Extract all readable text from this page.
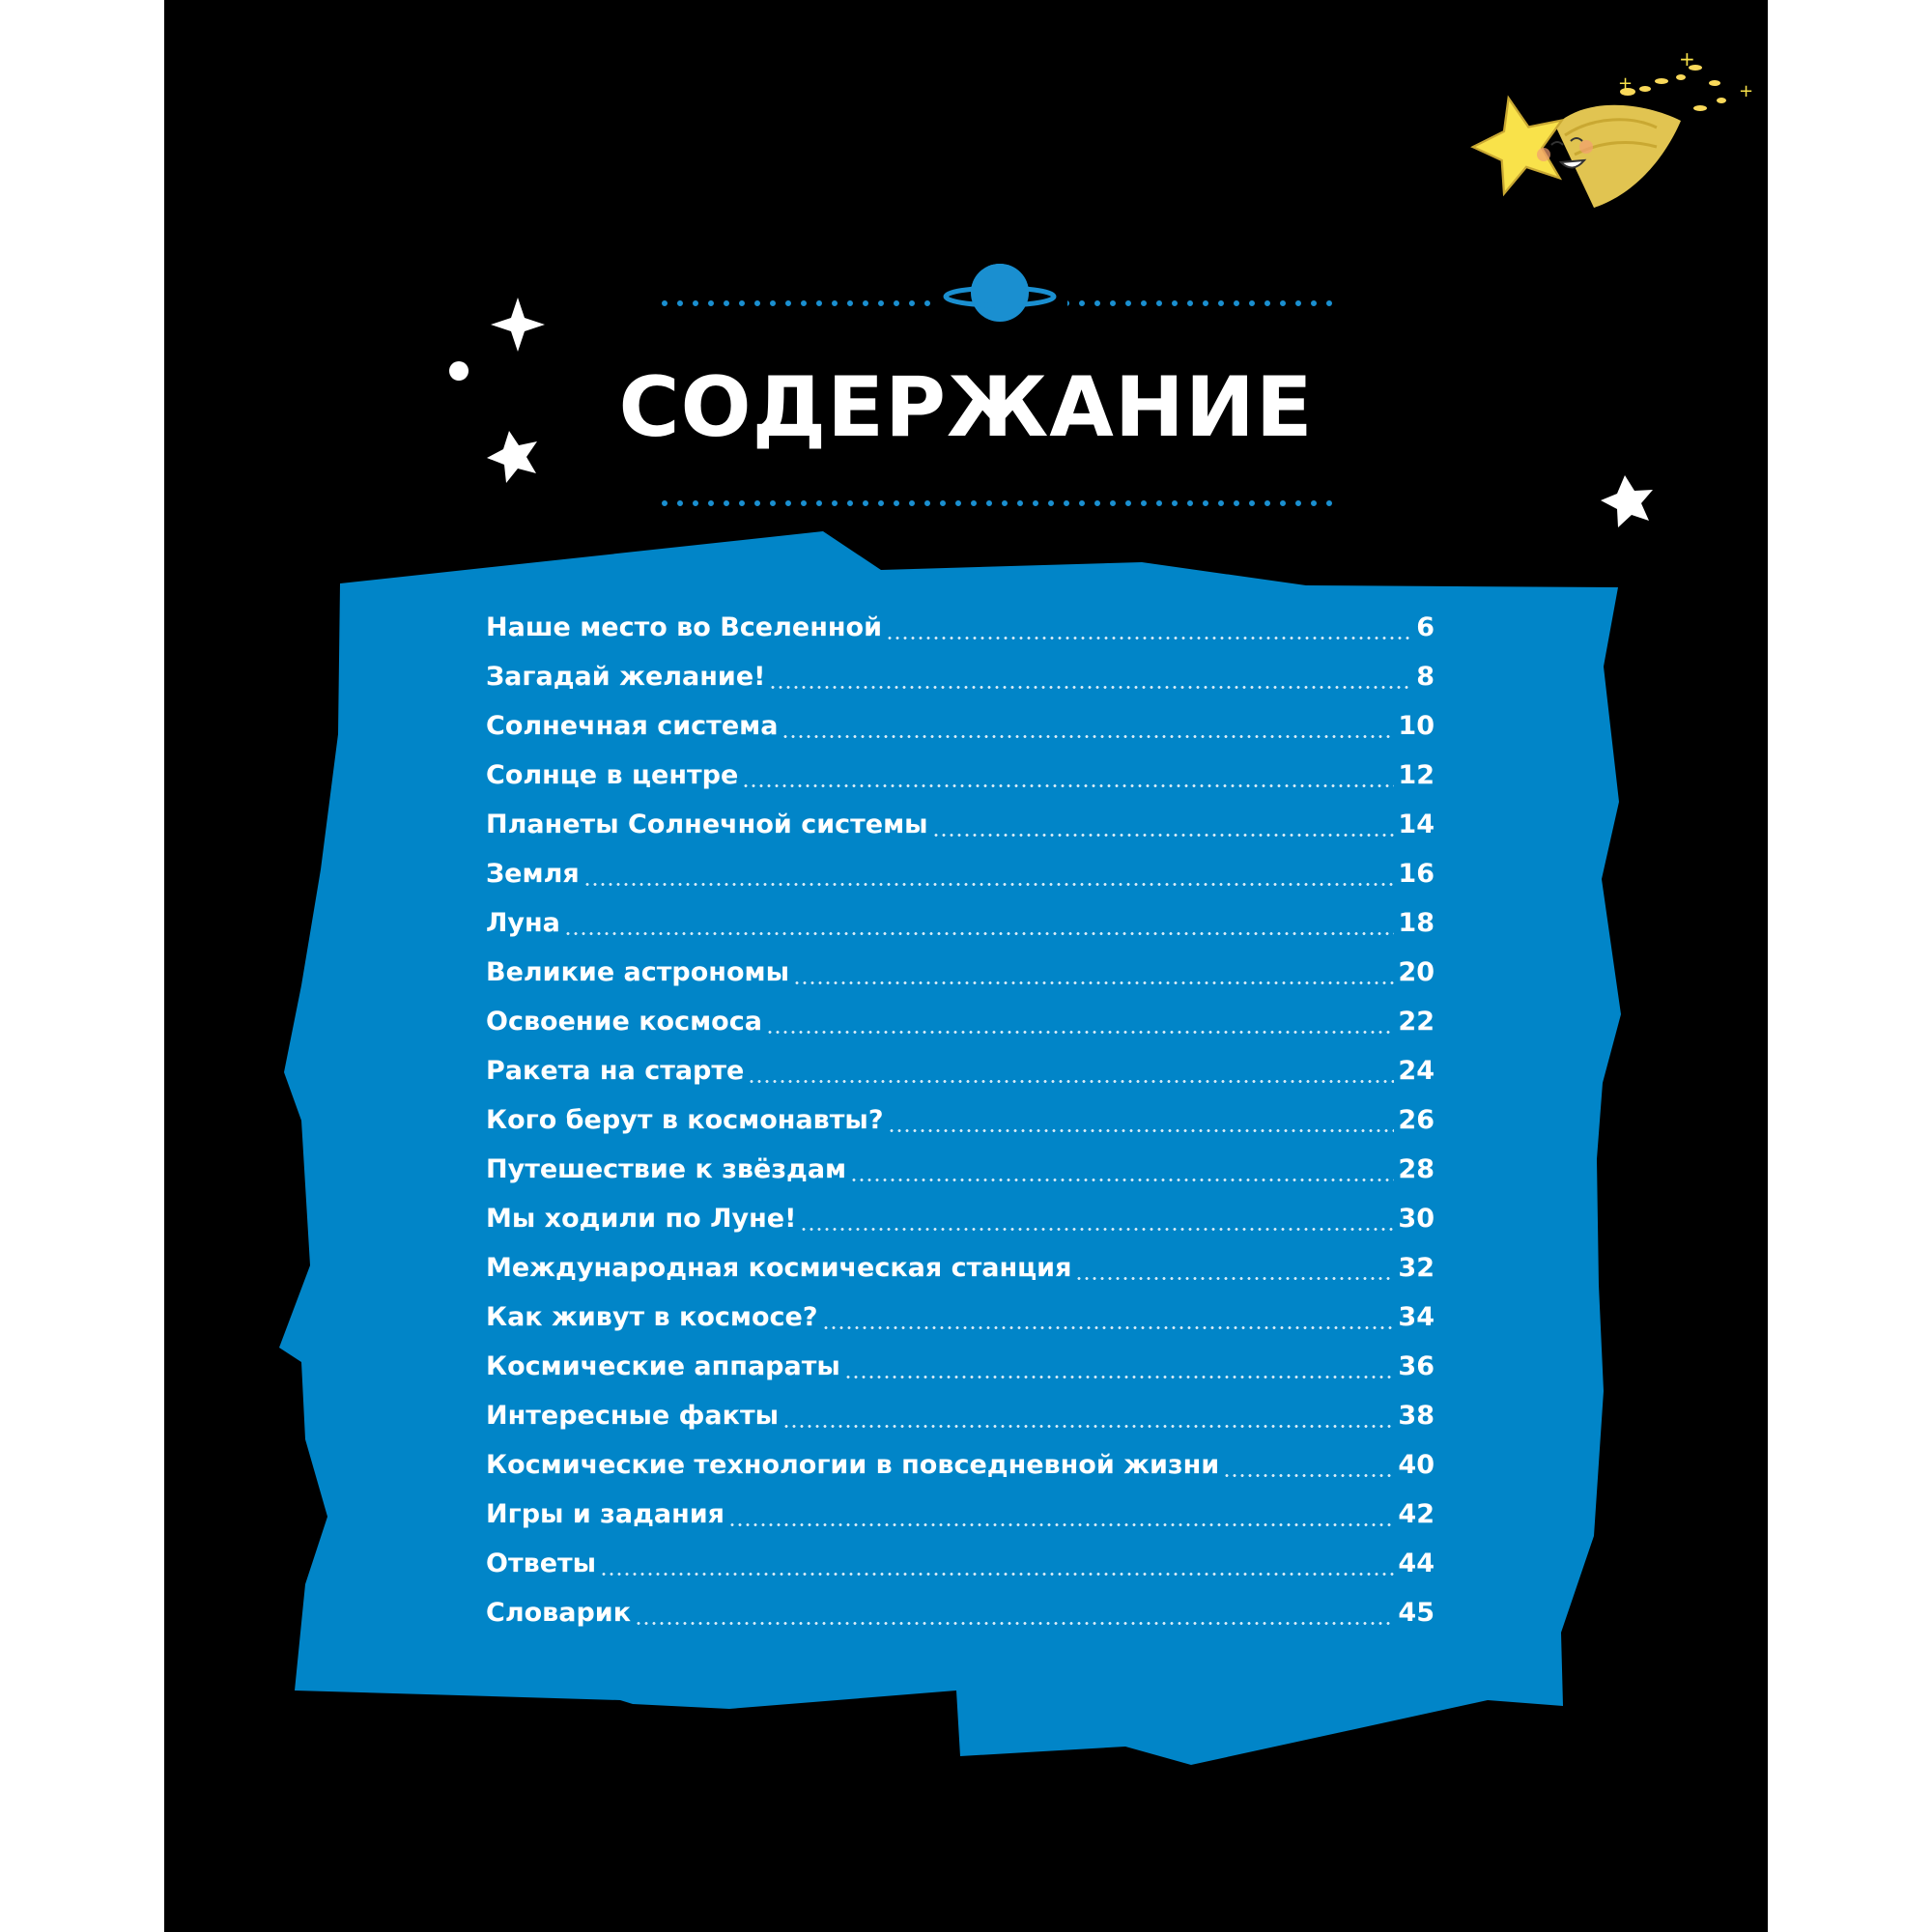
+
+	+
СОДЕРЖАНИЕ
Наше место во Вселенной	6
Загадай желание!	8
Солнечная система	10
Солнце в центре	12
Планеты Солнечной системы	14
Земля	16
Луна	18
Великие астрономы	20
Освоение космоса	22
Ракета на старте	24
Кого берут в космонавты?	26
Путешествие к звёздам	28
Мы ходили по Луне!	30
Международная космическая станция	32
Как живут в космосе?	34
Космические аппараты	36
Интересные факты	38
Космические технологии в повседневной жизни	40
Игры и задания	42
Ответы	44
Словарик	45
